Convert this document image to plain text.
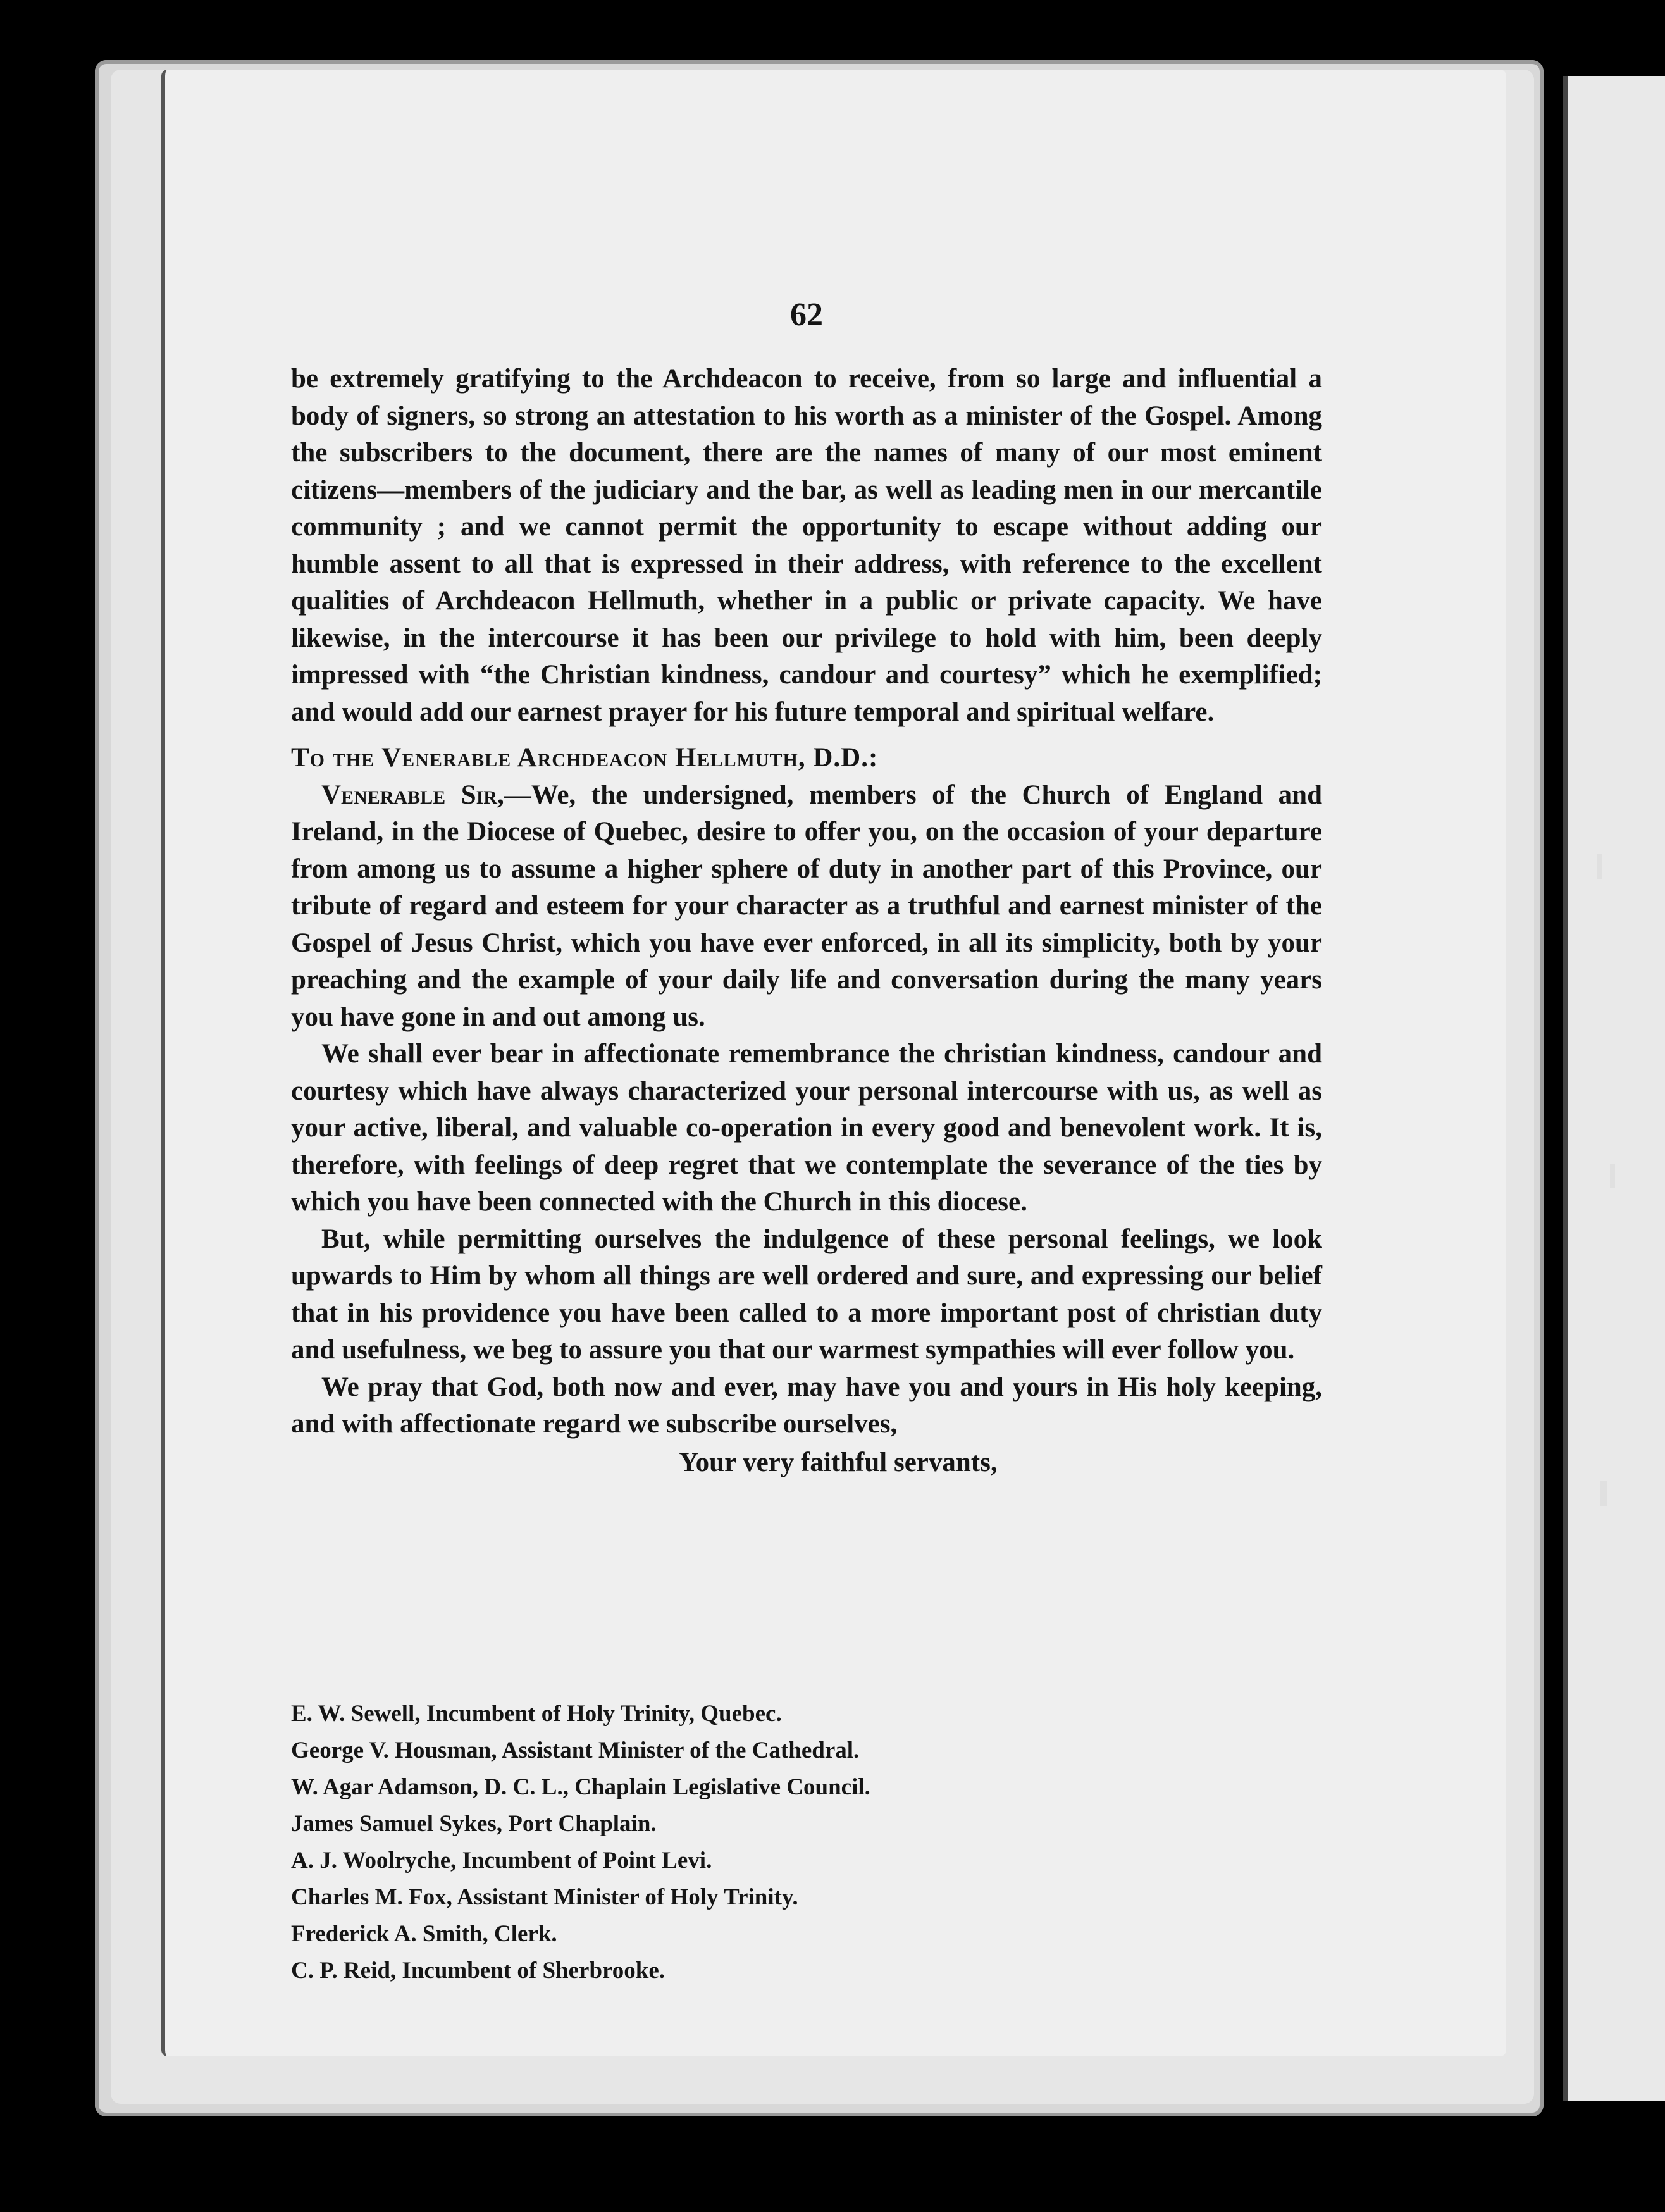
62

be extremely gratifying to the Archdeacon to receive, from so large and influential a body of signers, so strong an attestation to his worth as a minister of the Gospel. Among the subscribers to the document, there are the names of many of our most eminent citizens—members of the judiciary and the bar, as well as leading men in our mercantile community ; and we cannot permit the opportunity to escape without adding our humble assent to all that is expressed in their address, with reference to the excellent qualities of Archdeacon Hellmuth, whether in a public or private capacity. We have likewise, in the intercourse it has been our privilege to hold with him, been deeply impressed with “the Christian kindness, candour and courtesy” which he exemplified; and would add our earnest prayer for his future temporal and spiritual welfare.

To the Venerable Archdeacon Hellmuth, D.D.:

Venerable Sir,—We, the undersigned, members of the Church of England and Ireland, in the Diocese of Quebec, desire to offer you, on the occasion of your departure from among us to assume a higher sphere of duty in another part of this Province, our tribute of regard and esteem for your character as a truthful and earnest minister of the Gospel of Jesus Christ, which you have ever enforced, in all its simplicity, both by your preaching and the example of your daily life and conversation during the many years you have gone in and out among us.

We shall ever bear in affectionate remembrance the christian kindness, candour and courtesy which have always characterized your personal intercourse with us, as well as your active, liberal, and valuable co-operation in every good and benevolent work. It is, therefore, with feelings of deep regret that we contemplate the severance of the ties by which you have been connected with the Church in this diocese.

But, while permitting ourselves the indulgence of these personal feelings, we look upwards to Him by whom all things are well ordered and sure, and expressing our belief that in his providence you have been called to a more important post of christian duty and usefulness, we beg to assure you that our warmest sympathies will ever follow you.

We pray that God, both now and ever, may have you and yours in His holy keeping, and with affectionate regard we subscribe ourselves,

Your very faithful servants,

E. W. Sewell, Incumbent of Holy Trinity, Quebec.
George V. Housman, Assistant Minister of the Cathedral.
W. Agar Adamson, D. C. L., Chaplain Legislative Council.
James Samuel Sykes, Port Chaplain.
A. J. Woolryche, Incumbent of Point Levi.
Charles M. Fox, Assistant Minister of Holy Trinity.
Frederick A. Smith, Clerk.
C. P. Reid, Incumbent of Sherbrooke.
